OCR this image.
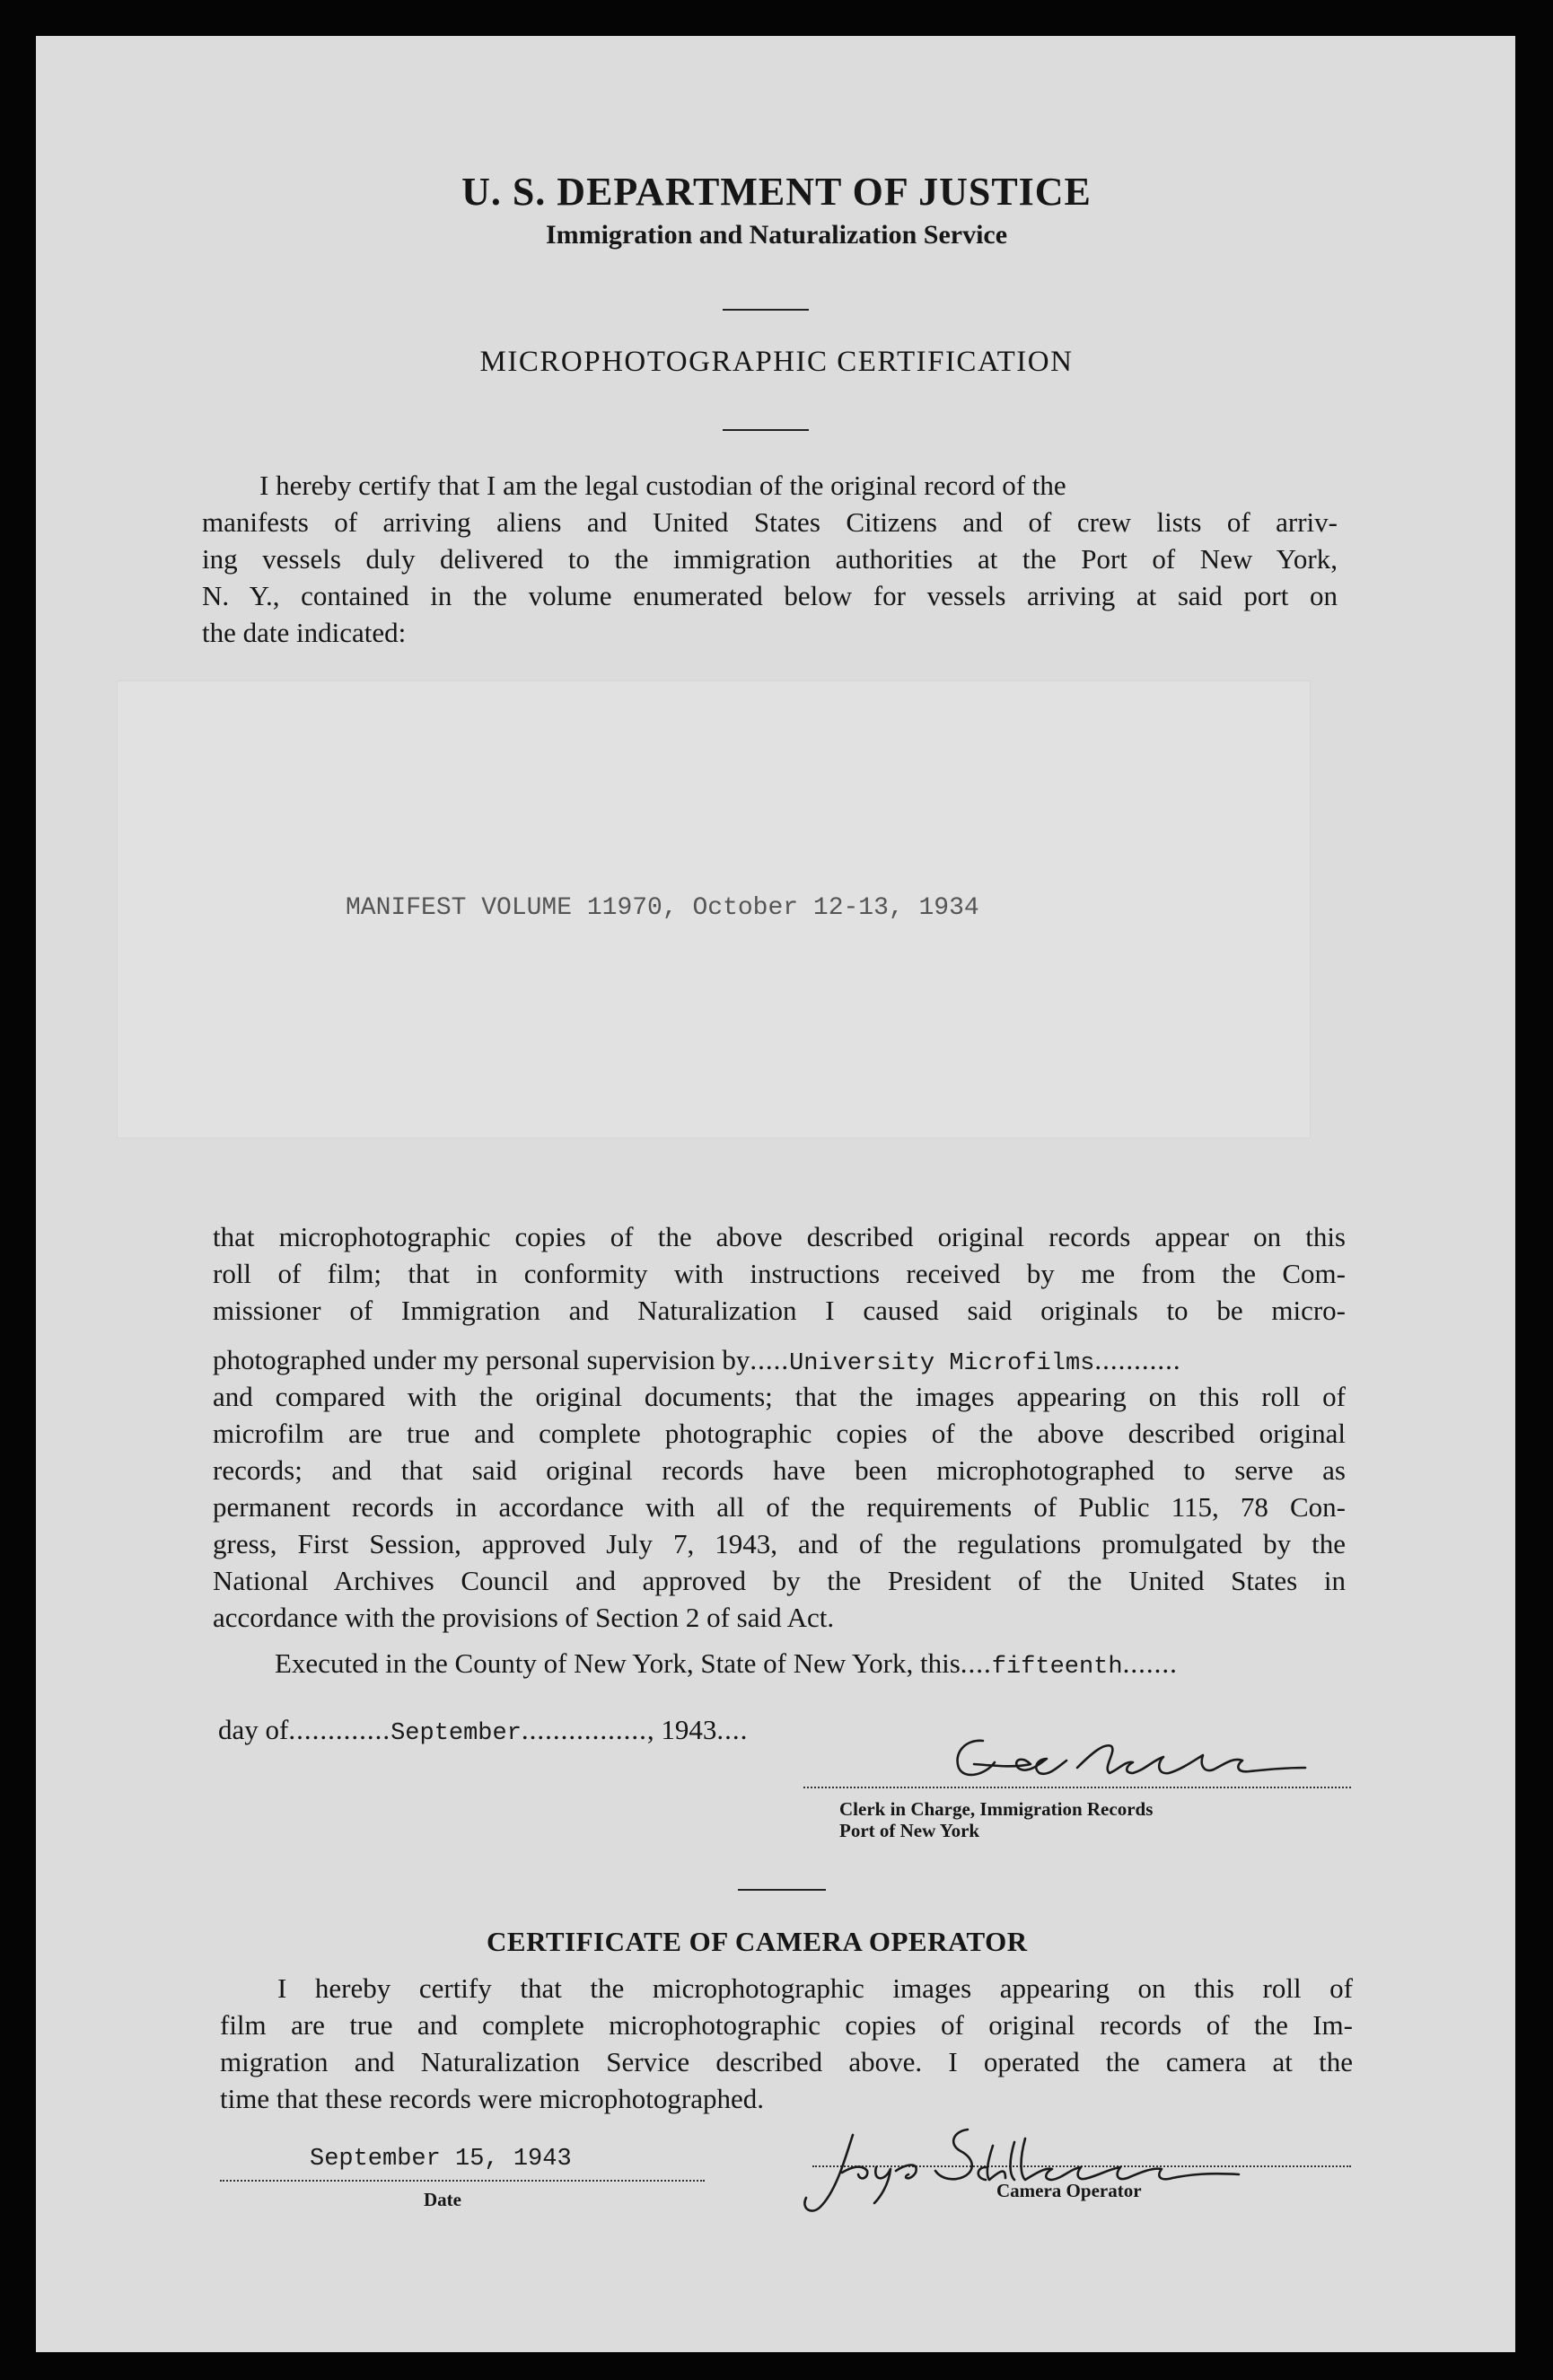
U. S. DEPARTMENT OF JUSTICE
Immigration and Naturalization Service
MICROPHOTOGRAPHIC CERTIFICATION

I hereby certify that I am the legal custodian of the original record of the

manifests of arriving aliens and United States Citizens and of crew lists of arriv-

ing vessels duly delivered to the immigration authorities at the Port of New York,

N. Y., contained in the volume enumerated below for vessels arriving at said port on

the date indicated:

MANIFEST VOLUME 11970, October 12-13, 1934

that microphotographic copies of the above described original records appear on this

roll of film; that in conformity with instructions received by me from the Com-

missioner of Immigration and Naturalization I caused said originals to be micro-

photographed under my personal supervision by.....University Microfilms...........

and compared with the original documents; that the images appearing on this roll of

microfilm are true and complete photographic copies of the above described original

records; and that said original records have been microphotographed to serve as

permanent records in accordance with all of the requirements of Public 115, 78 Con-

gress, First Session, approved July 7, 1943, and of the regulations promulgated by the

National Archives Council and approved by the President of the United States in

accordance with the provisions of Section 2 of said Act.

Executed in the County of New York, State of New York, this....fifteenth.......
day of.............September................, 1943....
Clerk in Charge, Immigration Records
Port of New York
CERTIFICATE OF CAMERA OPERATOR

I hereby certify that the microphotographic images appearing on this roll of

film are true and complete microphotographic copies of original records of the Im-

migration and Naturalization Service described above. I operated the camera at the

time that these records were microphotographed.

September 15, 1943
Date	Camera Operator
